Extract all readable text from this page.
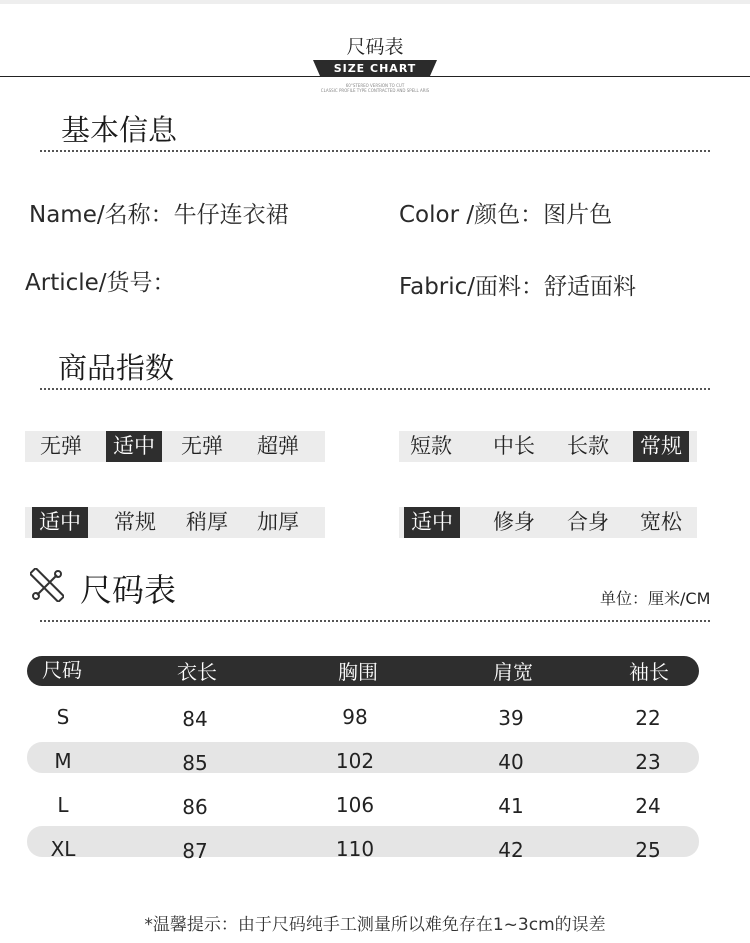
尺码表
SIZE CHART
60°STEREO VERSION TO CUT
CLASSIC PROFILE TYPE CONTRACTED AND SPELL ARIS
基本信息
Name/名称：牛仔连衣裙	Color /颜色：图片色
Article/货号：	Fabric/面料：舒适面料
商品指数
无弹	适中	无弹	超弹	短款	中长	长款	常规
适中	常规	稍厚	加厚	适中	修身	合身	宽松
尺码表	单位：厘米/CM
尺码	衣长	胸围	肩宽	袖长
S	84	98	39	22
M	85	102	40	23
L	86	106	41	24
XL	87	110	42	25
*温馨提示：由于尺码纯手工测量所以难免存在1~3cm的误差
